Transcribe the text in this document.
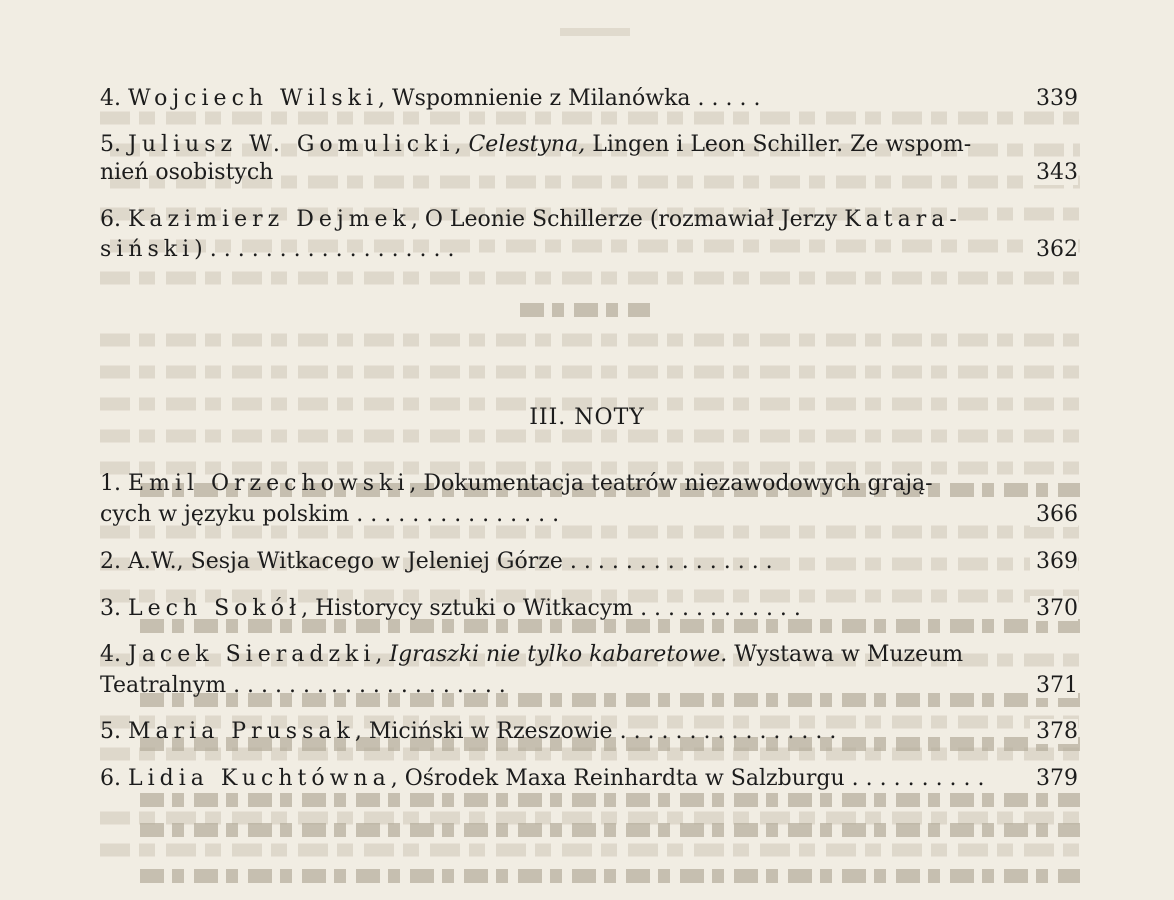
4. Wojciech Wilski, Wspomnienie z Milanówka . . . . .	339
5. Juliusz W. Gomulicki, Celestyna, Lingen i Leon Schiller. Ze wspom-
nień osobistych	343
6. Kazimierz Dejmek, O Leonie Schillerze (rozmawiał Jerzy Katara-
siński) . . . . . . . . . . . . . . . . . .	362
III. NOTY
1. Emil Orzechowski, Dokumentacja teatrów niezawodowych grają-
cych w języku polskim . . . . . . . . . . . . . . .	366
2. A.W., Sesja Witkacego w Jeleniej Górze . . . . . . . . . . . . . . .	369
3. Lech Sokół, Historycy sztuki o Witkacym . . . . . . . . . . . .	370
4. Jacek Sieradzki, Igraszki nie tylko kabaretowe. Wystawa w Muzeum
Teatralnym . . . . . . . . . . . . . . . . . . . .	371
5. Maria Prussak, Miciński w Rzeszowie . . . . . . . . . . . . . . . .	378
6. Lidia Kuchtówna, Ośrodek Maxa Reinhardta w Salzburgu . . . . . . . . . . 379
